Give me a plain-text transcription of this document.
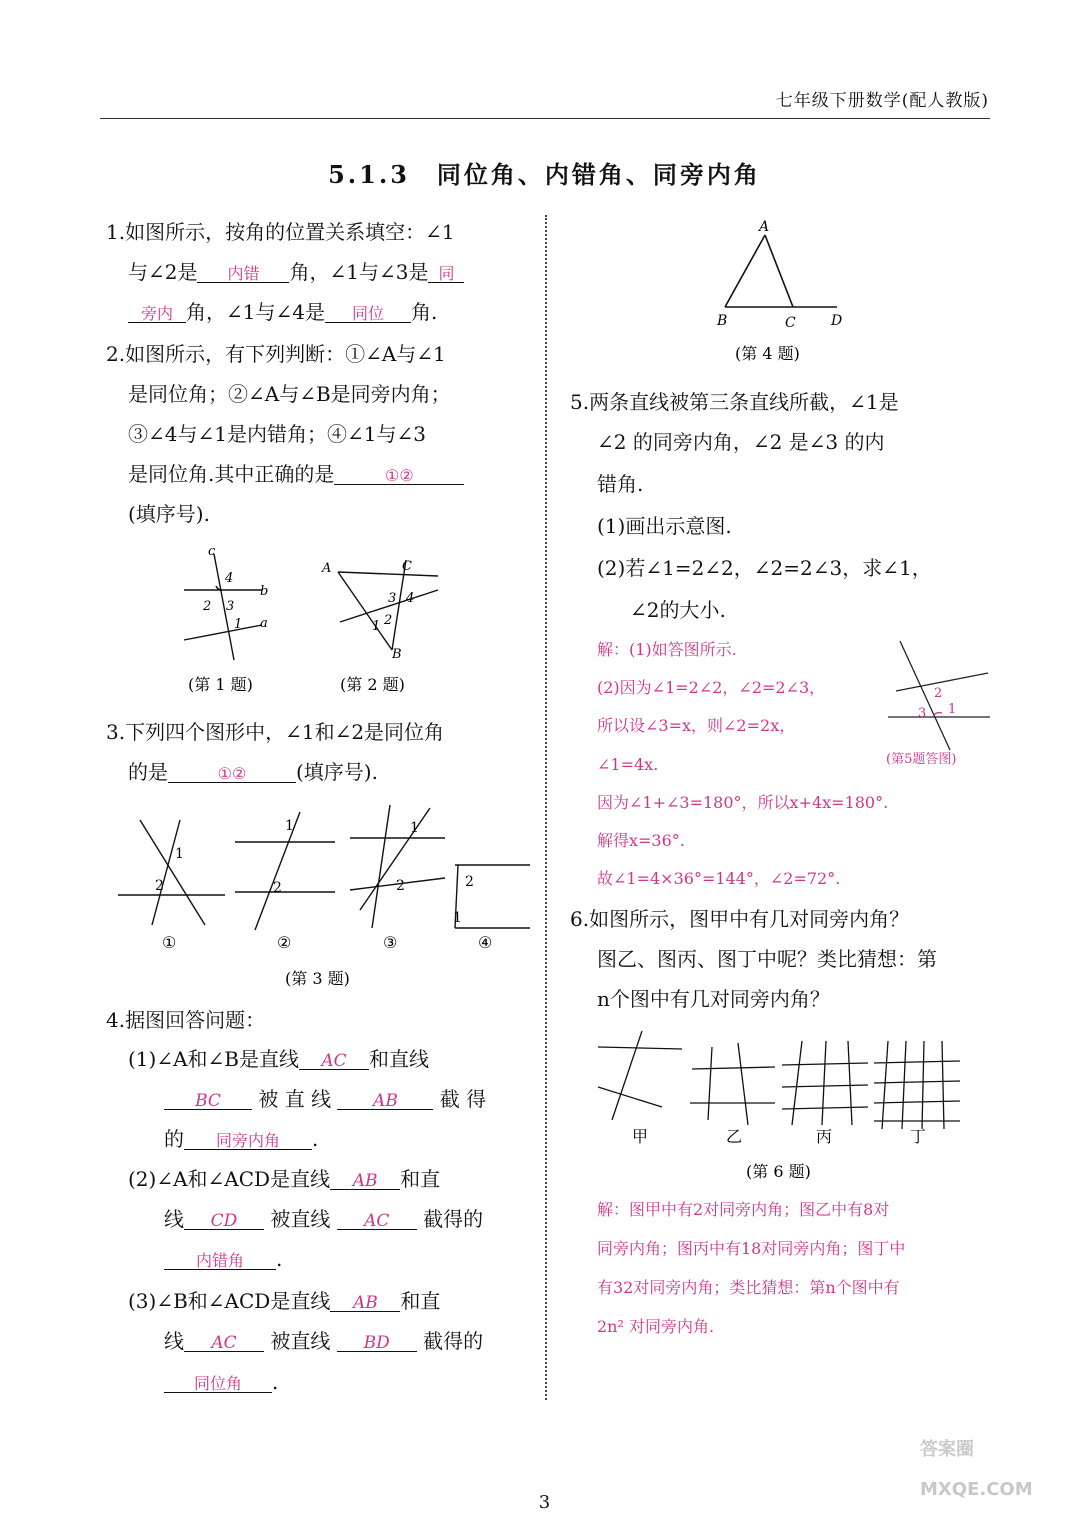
七年级下册数学(配人教版)
5.1.3　同位角、内错角、同旁内角
1.如图所示，按角的位置关系填空：∠1
与∠2是 内错 角，∠1与∠3是 同
旁内 角，∠1与∠4是 同位 角.
2.如图所示，有下列判断：①∠A与∠1
是同位角；②∠A与∠B是同旁内角；
③∠4与∠1是内错角；④∠1与∠3
是同位角.其中正确的是	①②
(填序号).
c
4
b
2 3
1 a
(第 1 题)
A	C
3 4
1 2
B
(第 2 题)
3.下列四个图形中，∠1和∠2是同位角
的是	①② (填序号).
1
2
1
2
1
2	2
1
①	②	③	④
(第 3 题)
4.据图回答问题：
(1)∠A和∠B是直线 AC 和直线
BC 被 直 线 AB 截 得
的 同旁内角 .
(2)∠A和∠ACD是直线 AB 和直
线 CD 被直线 AC 截得的
内错角 .
(3)∠B和∠ACD是直线 AB 和直
线 AC 被直线 BD 截得的
同位角 .
A
B	C	D
(第 4 题)
5.两条直线被第三条直线所截，∠1是
∠2 的同旁内角，∠2 是∠3 的内
错角.
(1)画出示意图.
(2)若∠1=2∠2，∠2=2∠3，求∠1，
∠2的大小.
解：(1)如答图所示.
(2)因为∠1=2∠2，∠2=2∠3，
所以设∠3=x，则∠2=2x，
∠1=4x.
因为∠1+∠3=180°，所以x+4x=180°.
解得x=36°.
故∠1=4×36°=144°，∠2=72°.
2
3 1
(第5题答图)
6.如图所示，图甲中有几对同旁内角？
图乙、图丙、图丁中呢？类比猜想：第
n个图中有几对同旁内角？
甲	乙	丙	丁
(第 6 题)
解：图甲中有2对同旁内角；图乙中有8对
同旁内角；图丙中有18对同旁内角；图丁中
有32对同旁内角；类比猜想：第n个图中有
2n² 对同旁内角.
3
答案圈 MXQE.COM
